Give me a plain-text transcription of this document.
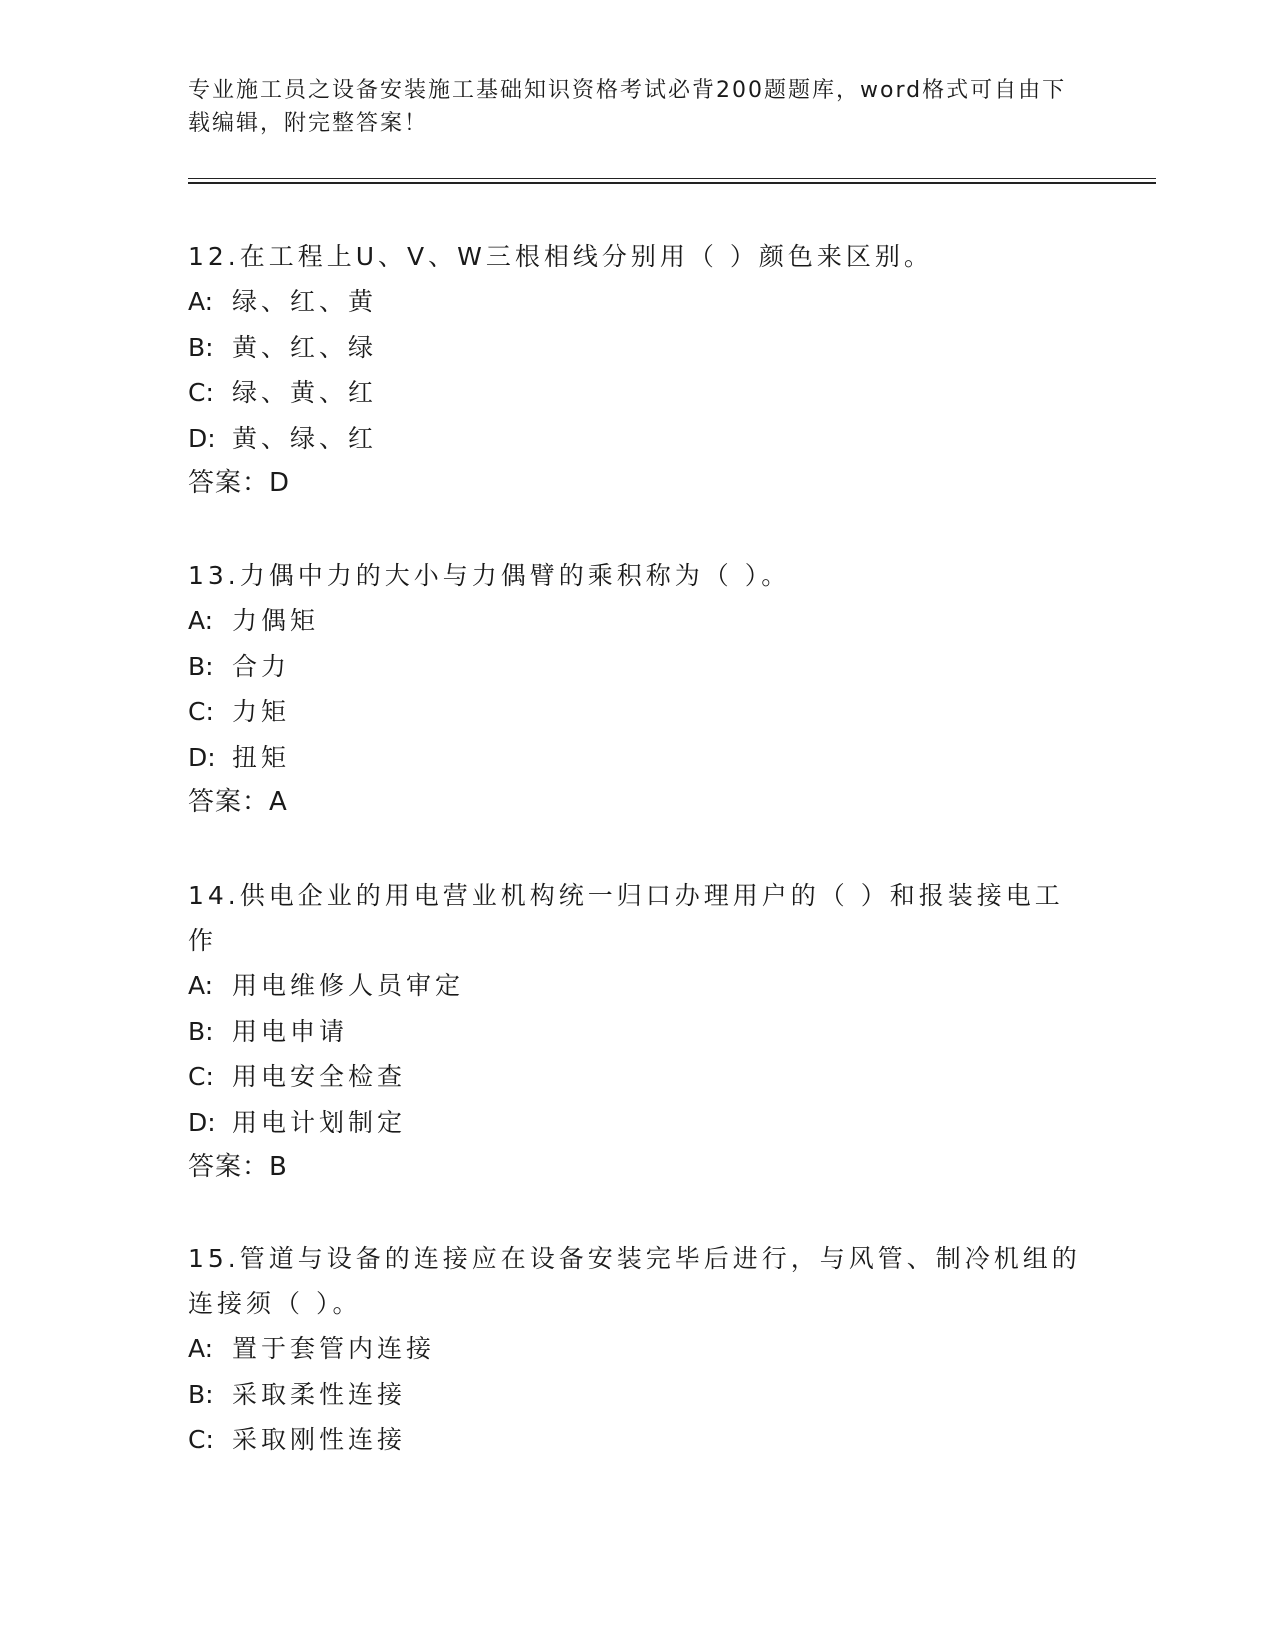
专业施工员之设备安装施工基础知识资格考试必背200题题库，word格式可自由下载编辑，附完整答案！

12.在工程上U、V、W三根相线分别用（ ）颜色来区别。

A: 绿、红、黄

B: 黄、红、绿

C: 绿、黄、红

D: 黄、绿、红

答案：D

13.力偶中力的大小与力偶臂的乘积称为（ ）。

A: 力偶矩

B: 合力

C: 力矩

D: 扭矩

答案：A

14.供电企业的用电营业机构统一归口办理用户的（ ）和报装接电工作

A: 用电维修人员审定

B: 用电申请

C: 用电安全检查

D: 用电计划制定

答案：B

15.管道与设备的连接应在设备安装完毕后进行，与风管、制冷机组的连接须（ ）。

A: 置于套管内连接

B: 采取柔性连接

C: 采取刚性连接
